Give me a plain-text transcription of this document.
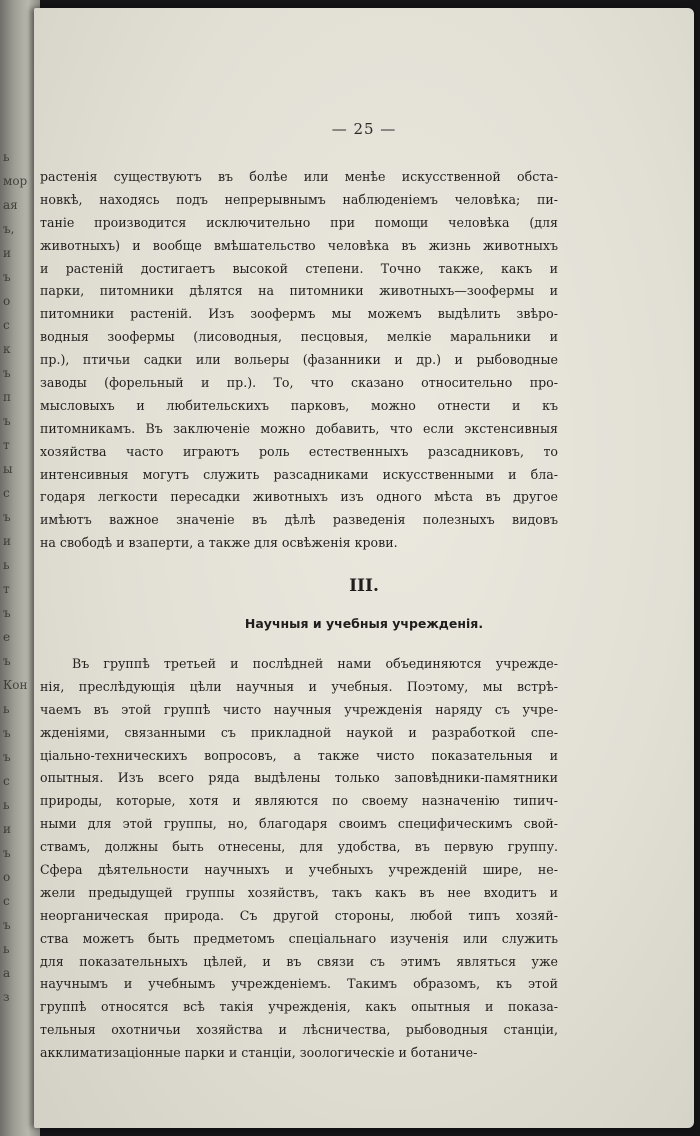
ь
мор
ая
ъ,
и
ъ
о
с
к
ъ
п
ъ
т
ы
с
ъ
и
ь
т
ъ
е
ъ
Кон
ь
ъ
ъ
с
ь
и
ъ
о
с
ъ
ь
а
з
— 25 —
растенія существуютъ въ болѣе или менѣе искусственной обста-
новкѣ, находясь подъ непрерывнымъ наблюденіемъ человѣка; пи-
таніе производится исключительно при помощи человѣка (для
животныхъ) и вообще вмѣшательство человѣка въ жизнь животныхъ
и растеній достигаетъ высокой степени. Точно также, какъ и
парки, питомники дѣлятся на питомники животныхъ—зоофермы и
питомники растеній. Изъ зоофермъ мы можемъ выдѣлить звѣро-
водныя зоофермы (лисоводныя, песцовыя, мелкіе маральники и
пр.), птичьи садки или вольеры (фазанники и др.) и рыбоводные
заводы (форельный и пр.). То, что сказано относительно про-
мысловыхъ и любительскихъ парковъ, можно отнести и къ
питомникамъ. Въ заключеніе можно добавить, что если экстенсивныя
хозяйства часто играютъ роль естественныхъ разсадниковъ, то
интенсивныя могутъ служить разсадниками искусственными и бла-
годаря легкости пересадки животныхъ изъ одного мѣста въ другое
имѣютъ важное значеніе въ дѣлѣ разведенія полезныхъ видовъ
на свободѣ и взаперти, а также для освѣженія крови.
III.
Научныя и учебныя учрежденія.
Въ группѣ третьей и послѣдней нами объединяются учрежде-
нія, преслѣдующія цѣли научныя и учебныя. Поэтому, мы встрѣ-
чаемъ въ этой группѣ чисто научныя учрежденія наряду съ учре-
жденіями, связанными съ прикладной наукой и разработкой спе-
ціально-техническихъ вопросовъ, а также чисто показательныя и
опытныя. Изъ всего ряда выдѣлены только заповѣдники-памятники
природы, которые, хотя и являются по своему назначенію типич-
ными для этой группы, но, благодаря своимъ специфическимъ свой-
ствамъ, должны быть отнесены, для удобства, въ первую группу.
Сфера дѣятельности научныхъ и учебныхъ учрежденій шире, не-
жели предыдущей группы хозяйствъ, такъ какъ въ нее входитъ и
неорганическая природа. Съ другой стороны, любой типъ хозяй-
ства можетъ быть предметомъ спеціальнаго изученія или служить
для показательныхъ цѣлей, и въ связи съ этимъ являться уже
научнымъ и учебнымъ учрежденіемъ. Такимъ образомъ, къ этой
группѣ относятся всѣ такія учрежденія, какъ опытныя и показа-
тельныя охотничьи хозяйства и лѣсничества, рыбоводныя станціи,
акклиматизаціонные парки и станціи, зоологическіе и ботаниче-
